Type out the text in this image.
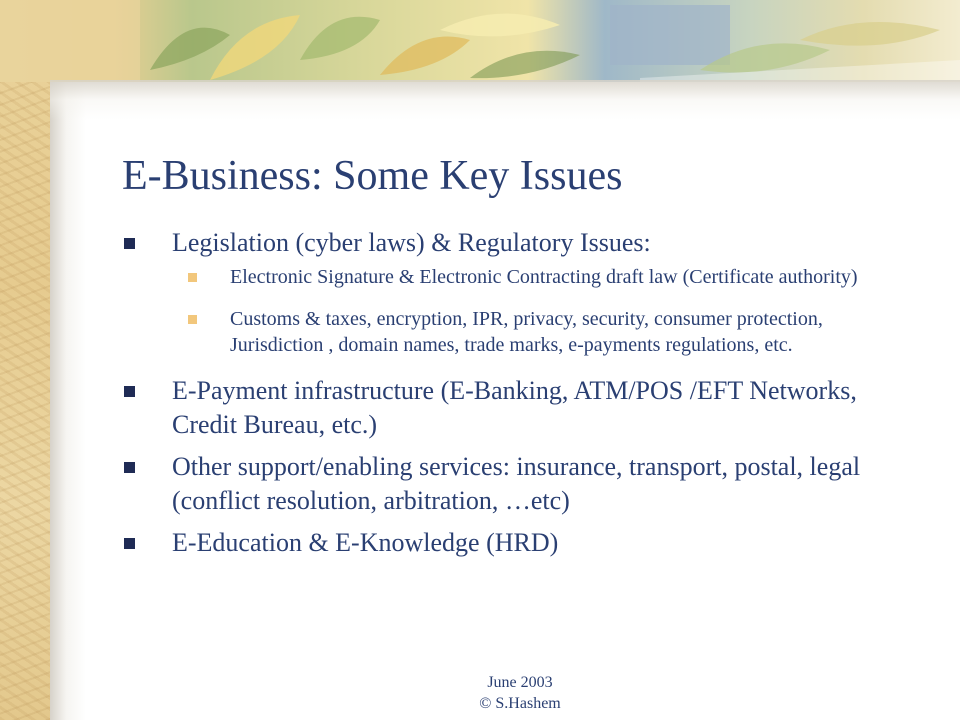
E-Business: Some Key Issues
Legislation (cyber laws) & Regulatory Issues:
Electronic Signature & Electronic Contracting draft law (Certificate authority)
Customs & taxes, encryption, IPR, privacy, security, consumer protection, Jurisdiction , domain names, trade marks, e-payments regulations, etc.
E-Payment infrastructure (E-Banking, ATM/POS /EFT Networks, Credit Bureau, etc.)
Other support/enabling services: insurance, transport, postal, legal (conflict resolution, arbitration, …etc)
E-Education & E-Knowledge (HRD)
June 2003
© S.Hashem
